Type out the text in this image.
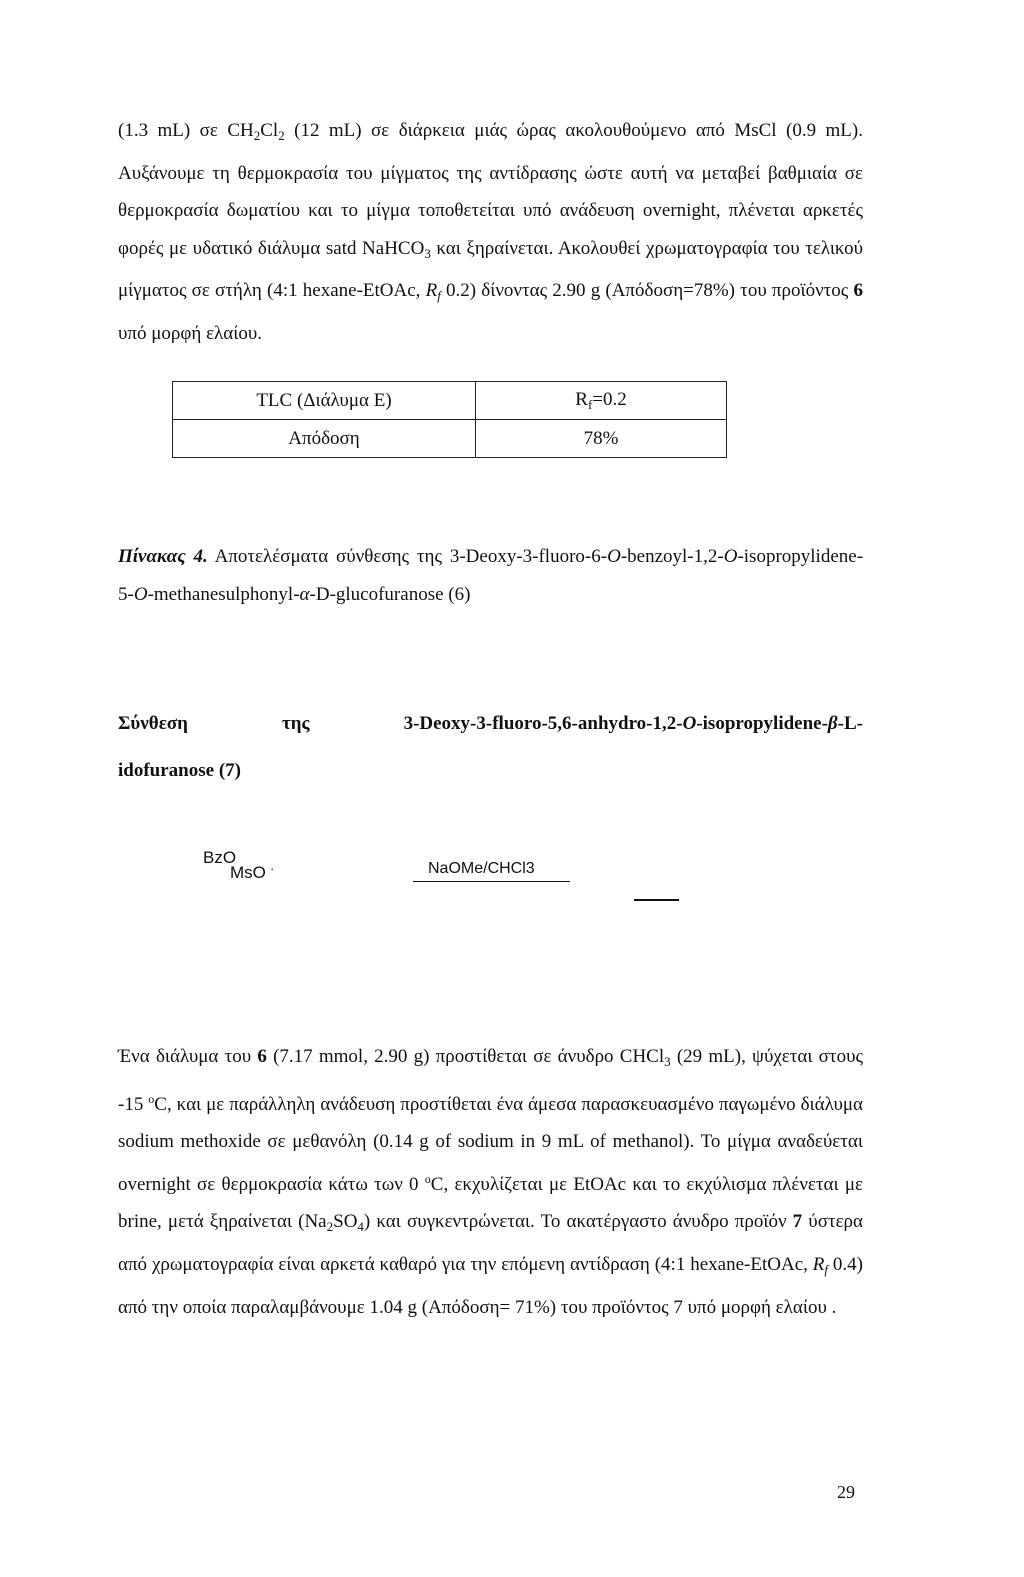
(1.3 mL) σε $CH_2Cl_2$ (12 mL) σε διάρκεια μιάς ώρας ακολουθούμενο από MsCl (0.9 mL). Αυξάνουμε τη θερμοκρασία του μίγματος της αντίδρασης ώστε αυτή να μεταβεί βαθμιαία σε θερμοκρασία δωματίου και το μίγμα τοποθετείται υπό ανάδευση overnight, πλένεται αρκετές φορές με υδατικό διάλυμα satd NaHCO$_3$ και ξηραίνεται. Ακολουθεί χρωματογραφία του τελικού μίγματος σε στήλη (4:1 hexane-EtOAc, $R_f$ 0.2) δίνοντας 2.90 g (Απόδοση=78%) του προϊόντος 6 υπό μορφή ελαίου.

TLC (Διάλυμα Ε)	$R_f=0.2$
Απόδοση	78%

Πίνακας 4. Αποτελέσματα σύνθεσης της 3-Deoxy-3-fluoro-6-O-benzoyl-1,2-O-isopropylidene-5-O-methanesulphonyl-α-D-glucofuranose (6)

Σύνθεση	της	3-Deoxy-3-fluoro-5,6-anhydro-1,2-O-isopropylidene-β-L-
idofuranose (7)
BzO
MsO ·	NaOMe/CHCl3

Ένα διάλυμα του 6 (7.17 mmol, 2.90 g) προστίθεται σε άνυδρο CHCl$_3$ (29 mL), ψύχεται στους -15 $^o$C, και με παράλληλη ανάδευση προστίθεται ένα άμεσα παρασκευασμένο παγωμένο διάλυμα sodium methoxide σε μεθανόλη (0.14 g of sodium in 9 mL of methanol). Το μίγμα αναδεύεται overnight σε θερμοκρασία κάτω των 0 $^o$C, εκχυλίζεται με EtOAc και το εκχύλισμα πλένεται με brine, μετά ξηραίνεται $(Na_2SO_4)$ και συγκεντρώνεται. Το ακατέργαστο άνυδρο προϊόν 7 ύστερα από χρωματογραφία είναι αρκετά καθαρό για την επόμενη αντίδραση (4:1 hexane-EtOAc, $R_f$ 0.4) από την οποία παραλαμβάνουμε 1.04 g (Απόδοση= 71%) του προϊόντος 7 υπό μορφή ελαίου .

29
